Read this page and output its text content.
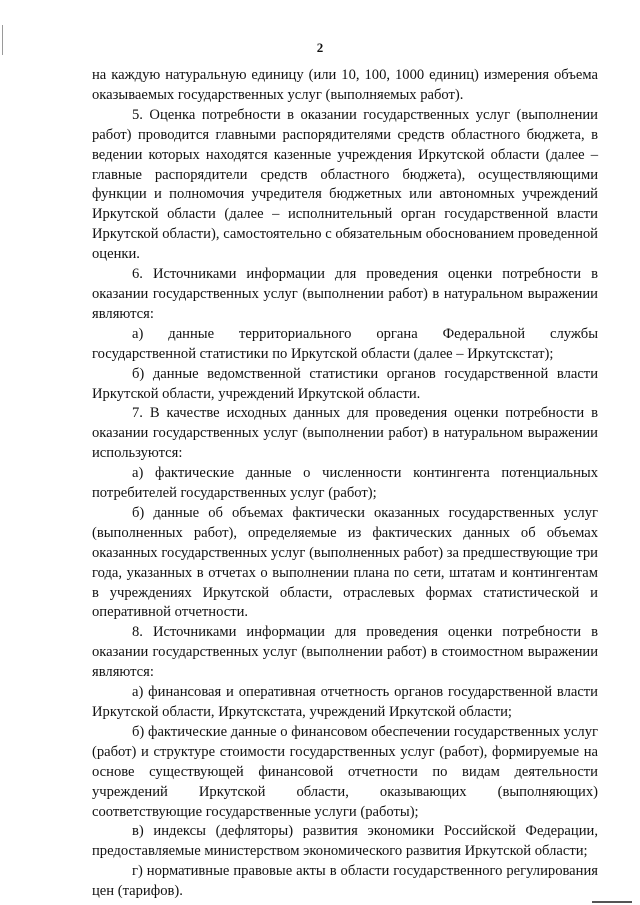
2

на каждую натуральную единицу (или 10, 100, 1000 единиц) измерения объема оказываемых государственных услуг (выполняемых работ).

5. Оценка потребности в оказании государственных услуг (выполнении работ) проводится главными распорядителями средств областного бюджета, в ведении которых находятся казенные учреждения Иркутской области (далее – главные распорядители средств областного бюджета), осуществляющими функции и полномочия учредителя бюджетных или автономных учреждений Иркутской области (далее – исполнительный орган государственной власти Иркутской области), самостоятельно с обязательным обоснованием проведенной оценки.

6. Источниками информации для проведения оценки потребности в оказании государственных услуг (выполнении работ) в натуральном выражении являются:

а) данные территориального органа Федеральной службы государственной статистики по Иркутской области (далее – Иркутскстат);

б) данные ведомственной статистики органов государственной власти Иркутской области, учреждений Иркутской области.

7. В качестве исходных данных для проведения оценки потребности в оказании государственных услуг (выполнении работ) в натуральном выражении используются:

а) фактические данные о численности контингента потенциальных потребителей государственных услуг (работ);

б) данные об объемах фактически оказанных государственных услуг (выполненных работ), определяемые из фактических данных об объемах оказанных государственных услуг (выполненных работ) за предшествующие три года, указанных в отчетах о выполнении плана по сети, штатам и контингентам в учреждениях Иркутской области, отраслевых формах статистической и оперативной отчетности.

8. Источниками информации для проведения оценки потребности в оказании государственных услуг (выполнении работ) в стоимостном выражении являются:

а) финансовая и оперативная отчетность органов государственной власти Иркутской области, Иркутскстата, учреждений Иркутской области;

б) фактические данные о финансовом обеспечении государственных услуг (работ) и структуре стоимости государственных услуг (работ), формируемые на основе существующей финансовой отчетности по видам деятельности учреждений Иркутской области, оказывающих (выполняющих) соответствующие государственные услуги (работы);

в) индексы (дефляторы) развития экономики Российской Федерации, предоставляемые министерством экономического развития Иркутской области;

г) нормативные правовые акты в области государственного регулирования цен (тарифов).
